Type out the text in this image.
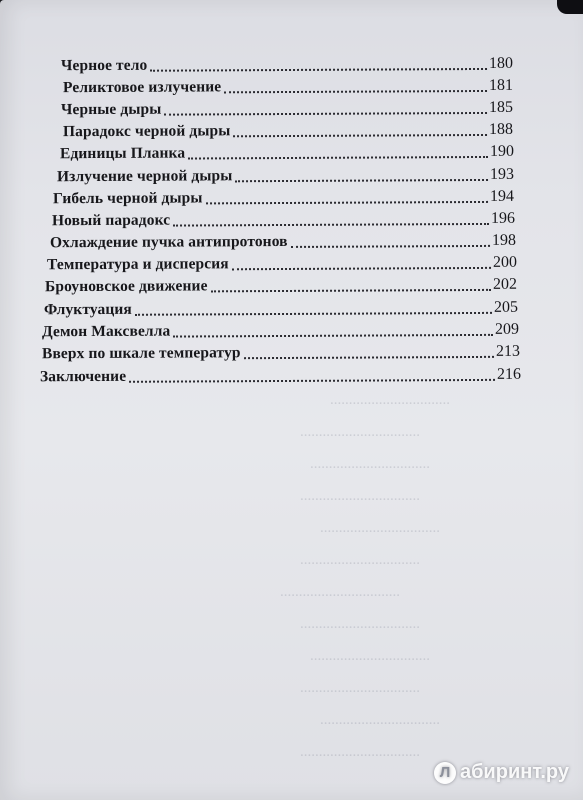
................................
................................
................................
................................
................................
................................
................................
................................
................................
................................
................................
................................
Черное тело	180
Реликтовое излучение	181
Черные дыры	185
Парадокс черной дыры	188
Единицы Планка	190
Излучение черной дыры	193
Гибель черной дыры	194
Новый парадокс	196
Охлаждение пучка антипротонов	198
Температура и дисперсия	200
Броуновское движение	202
Флуктуация	205
Демон Максвелла	209
Вверх по шкале температур	213
Заключение	216
Л абиринт.ру
